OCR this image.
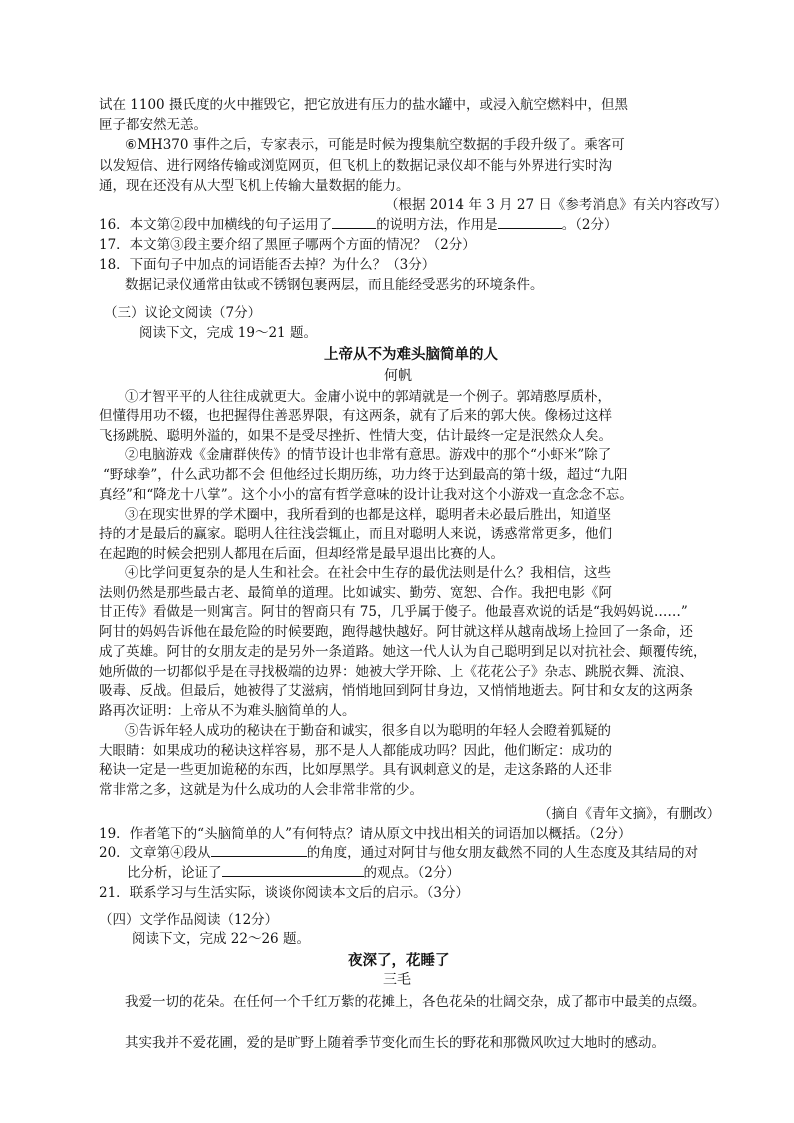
试在 1100 摄氏度的火中摧毁它，把它放进有压力的盐水罐中，或浸入航空燃料中，但黑
匣子都安然无恙。
⑥MH370 事件之后，专家表示，可能是时候为搜集航空数据的手段升级了。乘客可
以发短信、进行网络传输或浏览网页，但飞机上的数据记录仪却不能与外界进行实时沟
通，现在还没有从大型飞机上传输大量数据的能力。
（根据 2014 年 3 月 27 日《参考消息》有关内容改写）
16．本文第②段中加横线的句子运用了	的说明方法，作用是	。（2分）
17．本文第③段主要介绍了黑匣子哪两个方面的情况？（2分）
18．下面句子中加点的词语能否去掉？为什么？（3分）
数据记录仪通常由钛或不锈钢包裹两层，而且能经受恶劣的环境条件。
（三）议论文阅读（7分）
阅读下文，完成 19～21 题。
上帝从不为难头脑简单的人
何帆
①才智平平的人往往成就更大。金庸小说中的郭靖就是一个例子。郭靖憨厚质朴，
但懂得用功不辍，也把握得住善恶界限，有这两条，就有了后来的郭大侠。像杨过这样
飞扬跳脱、聪明外溢的，如果不是受尽挫折、性情大变，估计最终一定是泯然众人矣。
②电脑游戏《金庸群侠传》的情节设计也非常有意思。游戏中的那个“小虾米”除了
“野球拳”，什么武功都不会 但他经过长期历练，功力终于达到最高的第十级，超过“九阳
真经”和“降龙十八掌”。这个小小的富有哲学意味的设计让我对这个小游戏一直念念不忘。
③在现实世界的学术圈中，我所看到的也都是这样，聪明者未必最后胜出，知道坚
持的才是最后的赢家。聪明人往往浅尝辄止，而且对聪明人来说，诱惑常常更多，他们
在起跑的时候会把别人都甩在后面，但却经常是最早退出比赛的人。
④比学问更复杂的是人生和社会。在社会中生存的最优法则是什么？我相信，这些
法则仍然是那些最古老、最简单的道理。比如诚实、勤劳、宽恕、合作。我把电影《阿
甘正传》看做是一则寓言。阿甘的智商只有 75，几乎属于傻子。他最喜欢说的话是“我妈妈说……”
阿甘的妈妈告诉他在最危险的时候要跑，跑得越快越好。阿甘就这样从越南战场上捡回了一条命，还
成了英雄。阿甘的女朋友走的是另外一条道路。她这一代人认为自己聪明到足以对抗社会、颠覆传统，
她所做的一切都似乎是在寻找极端的边界：她被大学开除、上《花花公子》杂志、跳脱衣舞、流浪、
吸毒、反战。但最后，她被得了艾滋病，悄悄地回到阿甘身边，又悄悄地逝去。阿甘和女友的这两条
路再次证明：上帝从不为难头脑简单的人。
⑤告诉年轻人成功的秘诀在于勤奋和诚实，很多自以为聪明的年轻人会瞪着狐疑的
大眼睛：如果成功的秘诀这样容易，那不是人人都能成功吗？因此，他们断定：成功的
秘诀一定是一些更加诡秘的东西，比如厚黑学。具有讽刺意义的是，走这条路的人还非
常非常之多，这就是为什么成功的人会非常非常的少。
（摘自《青年文摘》，有删改）
19．作者笔下的“头脑简单的人”有何特点？请从原文中找出相关的词语加以概括。（2分）
20．文章第④段从	的角度，通过对阿甘与他女朋友截然不同的人生态度及其结局的对
比分析，论证了	的观点。（2分）
21．联系学习与生活实际，谈谈你阅读本文后的启示。（3分）
（四）文学作品阅读（12分）
阅读下文，完成 22～26 题。
夜深了，花睡了
三毛
我爱一切的花朵。在任何一个千红万紫的花摊上，各色花朵的壮阔交杂，成了都市中最美的点缀。
其实我并不爱花圃，爱的是旷野上随着季节变化而生长的野花和那微风吹过大地时的感动。
